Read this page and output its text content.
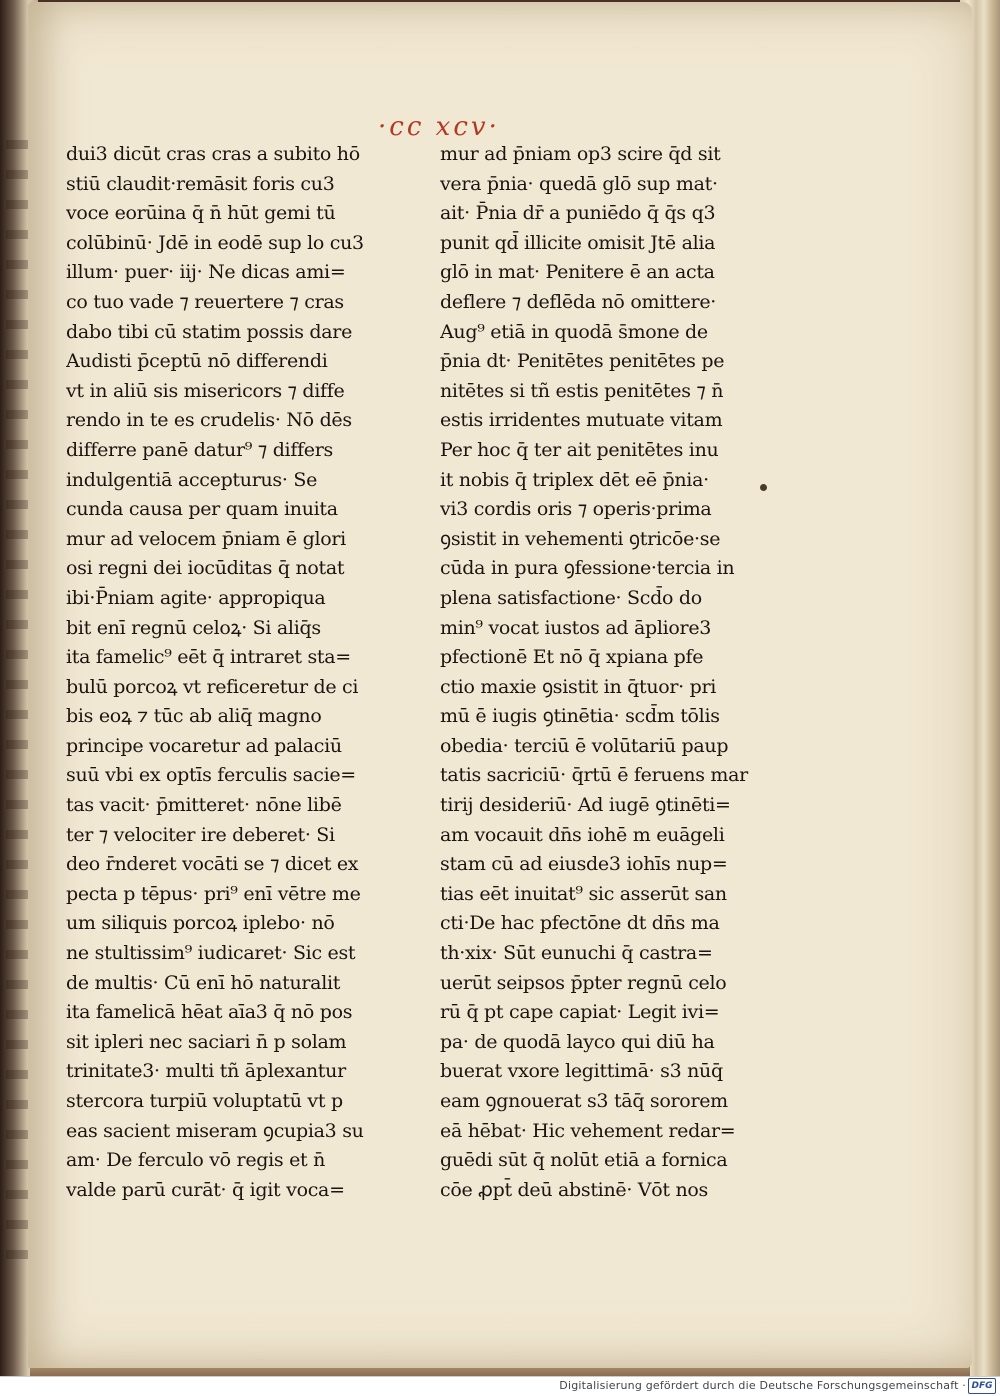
·cc xcv·
dui3 dicūt cras cras a subito hō
stiū claudit·remāsit foris cu3
voce eorūina q̄ n̄ hūt gemi tū
colūbinū· Jdē in eodē sup lo cu3
illum· puer· iij· Ne dicas ami=
co tuo vade ⁊ reuertere ⁊ cras
dabo tibi cū statim possis dare
Audisti p̄ceptū nō differendi
vt in aliū sis misericors ⁊ diffe
rendo in te es crudelis· Nō dēs
differre panē datur⁹ ⁊ differs
indulgentiā accepturus· Se
cunda causa per quam inuita
mur ad velocem p̄niam ē glori
osi regni dei iocūditas q̄ notat
ibi·P̄niam agite· appropiqua
bit enī regnū celoꝝ· Si aliq̄s
ita famelic⁹ eēt q̄ intraret sta=
bulū porcoꝝ vt reficeretur de ci
bis eoꝝ ⁊ tūc ab aliq̄ magno
principe vocaretur ad palaciū
suū vbi ex optīs ferculis sacie=
tas vacit· p̄mitteret· nōne libē
ter ⁊ velociter ire deberet· Si
deo r̄nderet vocāti se ⁊ dicet ex
pecta p tēpus· pri⁹ enī vētre me
um siliquis porcoꝝ iplebo· nō
ne stultissim⁹ iudicaret· Sic est
de multis· Cū enī hō naturalit
ita famelicā hēat aīa3 q̄ nō pos
sit ipleri nec saciari n̄ p solam
trinitate3· multi tñ āplexantur
stercora turpiū voluptatū vt p
eas sacient miseram ꝯcupia3 su
am· De ferculo vō regis et n̄
valde parū curāt· q̄ igit voca=
mur ad p̄niam op3 scire q̄d sit
vera p̄nia· quedā glō sup mat·
ait· P̄nia dr̄ a puniēdo q̄ q̄s q3
punit qd̄ illicite omisit Jtē alia
glō in mat· Penitere ē an acta
deflere ⁊ deflēda nō omittere·
Aug⁹ etiā in quodā s̄mone de
p̄nia dt· Penitētes penitētes pe
nitētes si tñ estis penitētes ⁊ n̄
estis irridentes mutuate vitam
Per hoc q̄ ter ait penitētes inu
it nobis q̄ triplex dēt eē p̄nia·
vi3 cordis oris ⁊ operis·prima
ꝯsistit in vehementi ꝯtricōe·se
cūda in pura ꝯfessione·tercia in
plena satisfactione· Scd̄o do
min⁹ vocat iustos ad āpliore3
pfectionē Et nō q̄ xpiana pfe
ctio maxie ꝯsistit in q̄tuor· pri
mū ē iugis ꝯtinētia· scd̄m tōlis
obedia· terciū ē volūtariū paup
tatis sacriciū· q̄rtū ē feruens mar
tirij desideriū· Ad iugē ꝯtinēti=
am vocauit dn̄s iohē m euāgeli
stam cū ad eiusde3 iohīs nup=
tias eēt inuitat⁹ sic asserūt san
cti·De hac pfectōne dt dn̄s ma
th·xix· Sūt eunuchi q̄ castra=
uerūt seipsos p̄pter regnū celo
rū q̄ pt cape capiat· Legit ivi=
pa· de quodā layco qui diū ha
buerat vxore legittimā· s3 nūq̄
eam ꝯgnouerat s3 tāq̄ sororem
eā hēbat· Hic vehement redar=
guēdi sūt q̄ nolūt etiā a fornica
cōe ꝓpt̄ deū abstinē· Vōt nos
Digitalisierung gefördert durch die Deutsche Forschungsgemeinschaft · DFG
